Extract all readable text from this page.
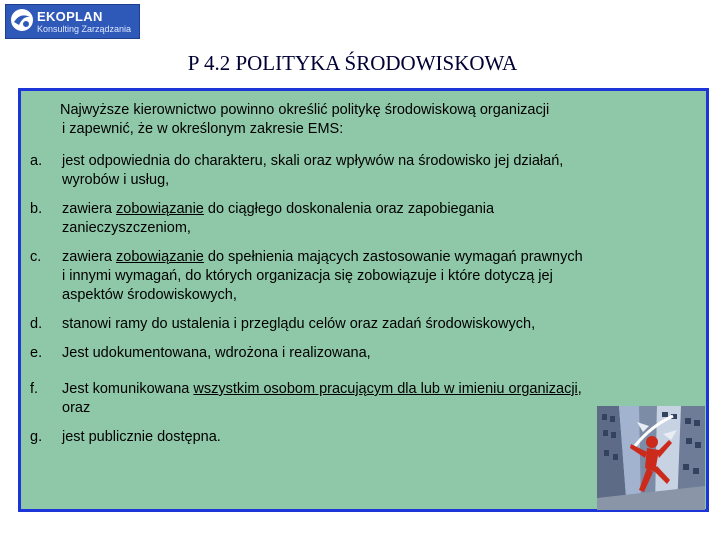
EKOPLAN
Konsulting Zarządzania
P 4.2 POLITYKA ŚRODOWISKOWA
Najwyższe kierownictwo powinno określić politykę środowiskową organizacji
i zapewnić, że w określonym zakresie EMS:
a. jest odpowiednia do charakteru, skali oraz wpływów na środowisko jej działań,
wyrobów i usług,
b. zawiera zobowiązanie do ciągłego doskonalenia oraz zapobiegania
zanieczyszczeniom,
c. zawiera zobowiązanie do spełnienia mających zastosowanie wymagań prawnych
i innymi wymagań, do których organizacja się zobowiązuje i które dotyczą jej
aspektów środowiskowych,
d. stanowi ramy do ustalenia i przeglądu celów oraz zadań środowiskowych,
e. Jest udokumentowana, wdrożona i realizowana,
f. Jest komunikowana wszystkim osobom pracującym dla lub w imieniu organizacji,
oraz
g. jest publicznie dostępna.
